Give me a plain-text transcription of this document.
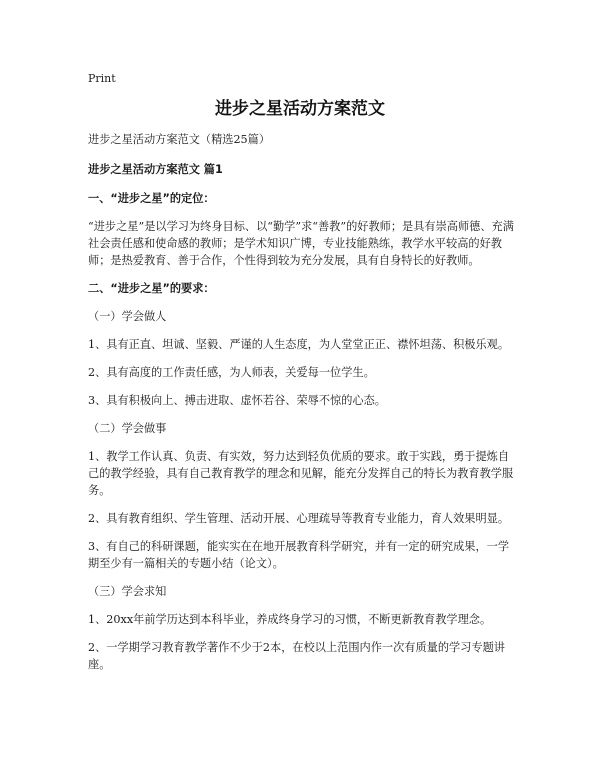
Print
进步之星活动方案范文

进步之星活动方案范文（精选25篇）

进步之星活动方案范文 篇1

一、“进步之星”的定位：

“进步之星”是以学习为终身目标、以“勤学”求“善教”的好教师；是具有崇高师德、充满社会责任感和使命感的教师；是学术知识广博，专业技能熟练，教学水平较高的好教师；是热爱教育、善于合作，个性得到较为充分发展，具有自身特长的好教师。

二、“进步之星”的要求：

（一）学会做人

1、具有正直、坦诚、坚毅、严谨的人生态度，为人堂堂正正、襟怀坦荡、积极乐观。

2、具有高度的工作责任感，为人师表，关爱每一位学生。

3、具有积极向上、搏击进取、虚怀若谷、荣辱不惊的心态。

（二）学会做事

1、教学工作认真、负责、有实效，努力达到轻负优质的要求。敢于实践，勇于提炼自己的教学经验，具有自己教育教学的理念和见解，能充分发挥自己的特长为教育教学服务。

2、具有教育组织、学生管理、活动开展、心理疏导等教育专业能力，育人效果明显。

3、有自己的科研课题，能实实在在地开展教育科学研究，并有一定的研究成果，一学期至少有一篇相关的专题小结（论文）。

（三）学会求知

1、20xx年前学历达到本科毕业，养成终身学习的习惯，不断更新教育教学理念。

2、一学期学习教育教学著作不少于2本，在校以上范围内作一次有质量的学习专题讲座。
